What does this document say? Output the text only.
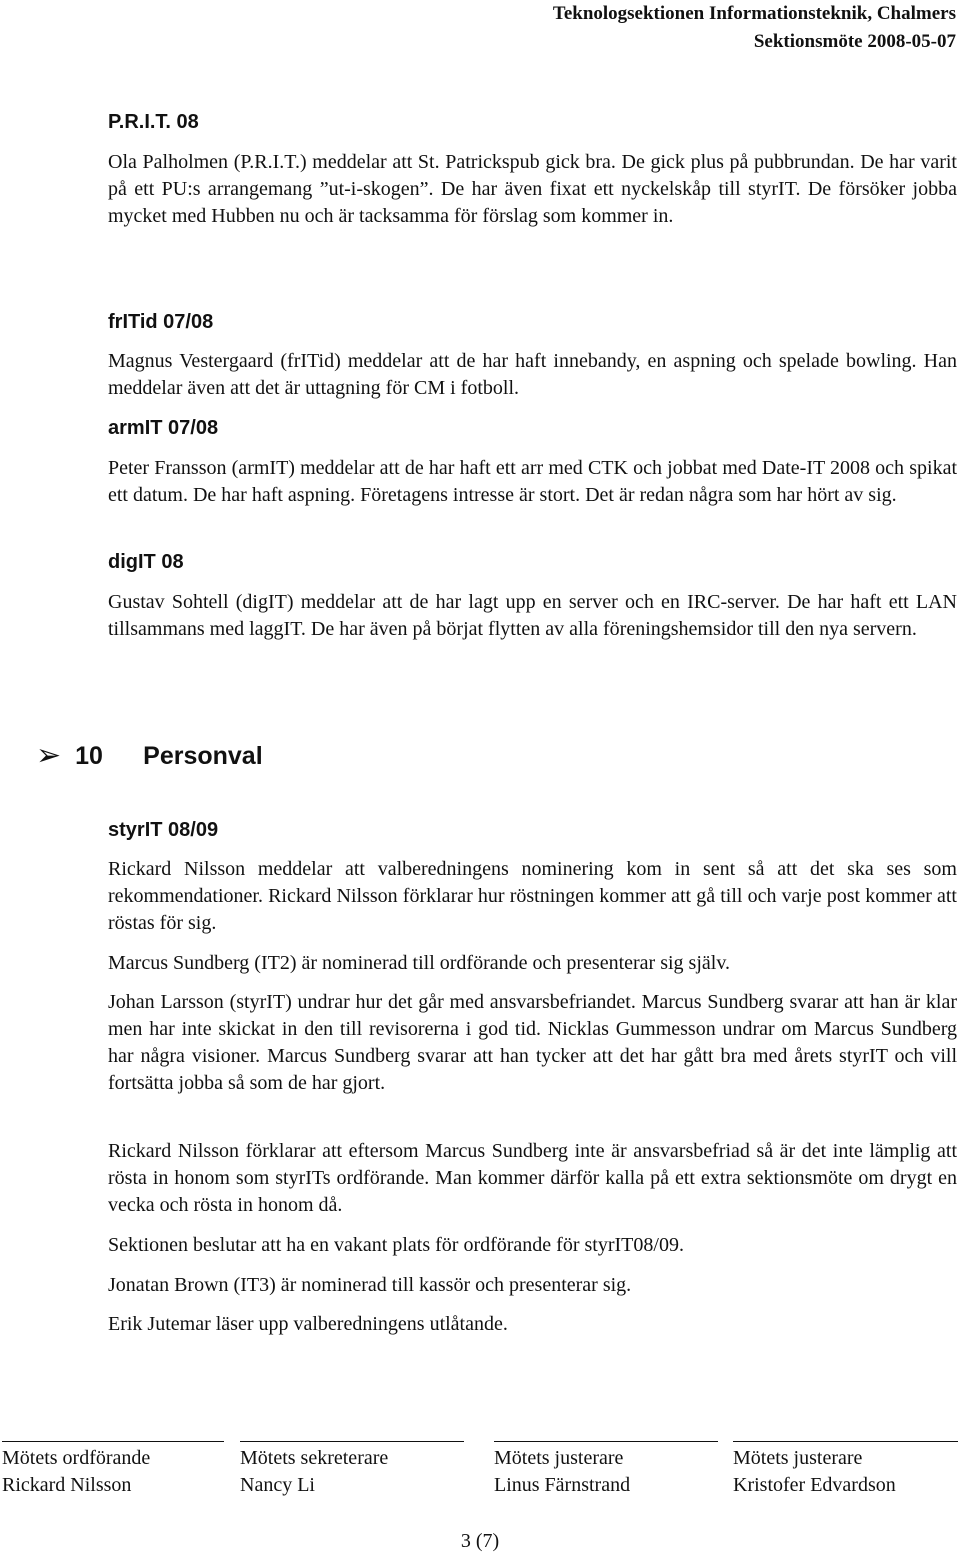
Teknologsektionen Informationsteknik, Chalmers
Sektionsmöte 2008-05-07
P.R.I.T. 08

Ola Palholmen (P.R.I.T.) meddelar att St. Patrickspub gick bra. De gick plus på pubbrundan. De har varit på ett PU:s arrangemang ”ut-i-skogen”. De har även fixat ett nyckelskåp till styrIT. De försöker jobba mycket med Hubben nu och är tacksamma för förslag som kommer in.

frITid 07/08

Magnus Vestergaard (frITid) meddelar att de har haft innebandy, en aspning och spelade bowling. Han meddelar även att det är uttagning för CM i fotboll.

armIT 07/08

Peter Fransson (armIT) meddelar att de har haft ett arr med CTK och jobbat med Date-IT 2008 och spikat ett datum. De har haft aspning. Företagens intresse är stort. Det är redan några som har hört av sig.

digIT 08

Gustav Sohtell (digIT) meddelar att de har lagt upp en server och en IRC-server. De har haft ett LAN tillsammans med laggIT. De har även på börjat flytten av alla föreningshemsidor till den nya servern.

➢ 10	Personval
styrIT 08/09

Rickard Nilsson meddelar att valberedningens nominering kom in sent så att det ska ses som rekommendationer. Rickard Nilsson förklarar hur röstningen kommer att gå till och varje post kommer att röstas för sig.

Marcus Sundberg (IT2) är nominerad till ordförande och presenterar sig själv.

Johan Larsson (styrIT) undrar hur det går med ansvarsbefriandet. Marcus Sundberg svarar att han är klar men har inte skickat in den till revisorerna i god tid. Nicklas Gummesson undrar om Marcus Sundberg har några visioner. Marcus Sundberg svarar att han tycker att det har gått bra med årets styrIT och vill fortsätta jobba så som de har gjort.

Rickard Nilsson förklarar att eftersom Marcus Sundberg inte är ansvarsbefriad så är det inte lämplig att rösta in honom som styrITs ordförande. Man kommer därför kalla på ett extra sektionsmöte om drygt en vecka och rösta in honom då.

Sektionen beslutar att ha en vakant plats för ordförande för styrIT08/09.

Jonatan Brown (IT3) är nominerad till kassör och presenterar sig.

Erik Jutemar läser upp valberedningens utlåtande.

Mötets ordförande
Rickard Nilsson
Mötets sekreterare
Nancy Li
Mötets justerare
Linus Färnstrand
Mötets justerare
Kristofer Edvardson
3 (7)
